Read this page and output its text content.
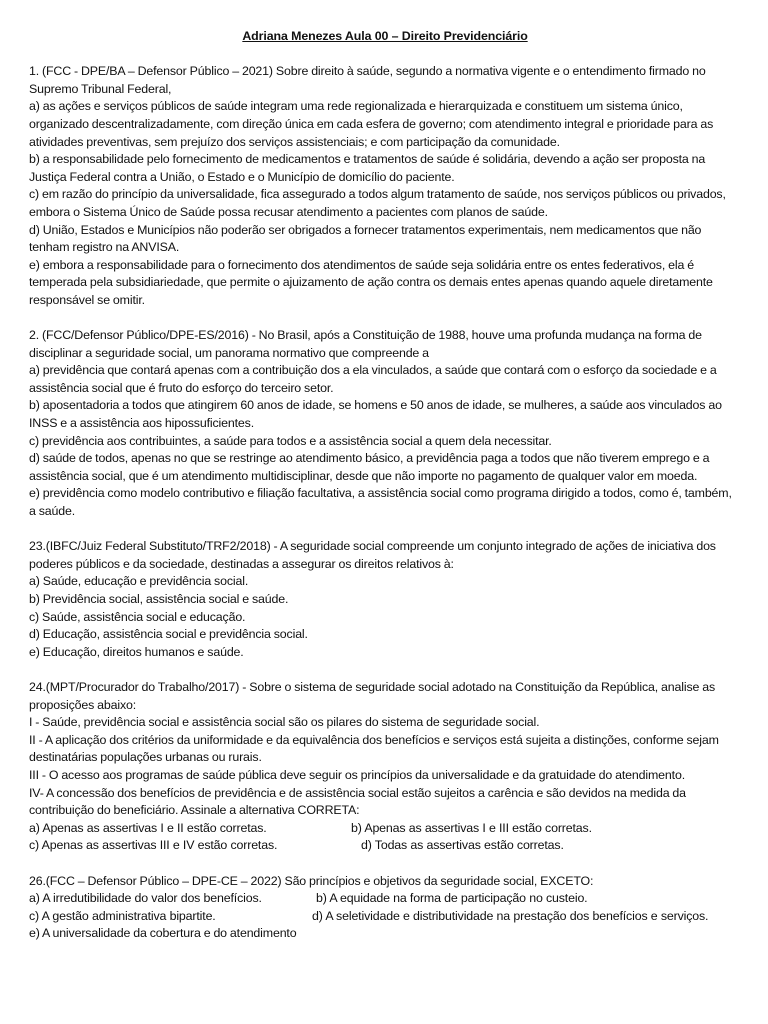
Adriana Menezes Aula 00 – Direito Previdenciário
1. (FCC - DPE/BA – Defensor Público – 2021) Sobre direito à saúde, segundo a normativa vigente e o entendimento firmado no Supremo Tribunal Federal,
a) as ações e serviços públicos de saúde integram uma rede regionalizada e hierarquizada e constituem um sistema único, organizado descentralizadamente, com direção única em cada esfera de governo; com atendimento integral e prioridade para as atividades preventivas, sem prejuízo dos serviços assistenciais; e com participação da comunidade.
b) a responsabilidade pelo fornecimento de medicamentos e tratamentos de saúde é solidária, devendo a ação ser proposta na Justiça Federal contra a União, o Estado e o Município de domicílio do paciente.
c) em razão do princípio da universalidade, fica assegurado a todos algum tratamento de saúde, nos serviços públicos ou privados, embora o Sistema Único de Saúde possa recusar atendimento a pacientes com planos de saúde.
d) União, Estados e Municípios não poderão ser obrigados a fornecer tratamentos experimentais, nem medicamentos que não tenham registro na ANVISA.
e) embora a responsabilidade para o fornecimento dos atendimentos de saúde seja solidária entre os entes federativos, ela é temperada pela subsidiariedade, que permite o ajuizamento de ação contra os demais entes apenas quando aquele diretamente responsável se omitir.
2. (FCC/Defensor Público/DPE-ES/2016) - No Brasil, após a Constituição de 1988, houve uma profunda mudança na forma de disciplinar a seguridade social, um panorama normativo que compreende a
a) previdência que contará apenas com a contribuição dos a ela vinculados, a saúde que contará com o esforço da sociedade e a assistência social que é fruto do esforço do terceiro setor.
b) aposentadoria a todos que atingirem 60 anos de idade, se homens e 50 anos de idade, se mulheres, a saúde aos vinculados ao INSS e a assistência aos hipossuficientes.
c) previdência aos contribuintes, a saúde para todos e a assistência social a quem dela necessitar.
d) saúde de todos, apenas no que se restringe ao atendimento básico, a previdência paga a todos que não tiverem emprego e a assistência social, que é um atendimento multidisciplinar, desde que não importe no pagamento de qualquer valor em moeda.
e) previdência como modelo contributivo e filiação facultativa, a assistência social como programa dirigido a todos, como é, também, a saúde.
23.(IBFC/Juiz Federal Substituto/TRF2/2018) - A seguridade social compreende um conjunto integrado de ações de iniciativa dos poderes públicos e da sociedade, destinadas a assegurar os direitos relativos à:
a) Saúde, educação e previdência social.
b) Previdência social, assistência social e saúde.
c) Saúde, assistência social e educação.
d) Educação, assistência social e previdência social.
e) Educação, direitos humanos e saúde.
24.(MPT/Procurador do Trabalho/2017) - Sobre o sistema de seguridade social adotado na Constituição da República, analise as proposições abaixo:
I - Saúde, previdência social e assistência social são os pilares do sistema de seguridade social.
II - A aplicação dos critérios da uniformidade e da equivalência dos benefícios e serviços está sujeita a distinções, conforme sejam destinatárias populações urbanas ou rurais.
III - O acesso aos programas de saúde pública deve seguir os princípios da universalidade e da gratuidade do atendimento.
IV- A concessão dos benefícios de previdência e de assistência social estão sujeitos a carência e são devidos na medida da contribuição do beneficiário. Assinale a alternativa CORRETA:
a) Apenas as assertivas I e II estão corretas.	b) Apenas as assertivas I e III estão corretas.
c) Apenas as assertivas III e IV estão corretas.	d) Todas as assertivas estão corretas.
26.(FCC – Defensor Público – DPE-CE – 2022) São princípios e objetivos da seguridade social, EXCETO:
a) A irredutibilidade do valor dos benefícios.	b) A equidade na forma de participação no custeio.
c) A gestão administrativa bipartite.	d) A seletividade e distributividade na prestação dos benefícios e serviços.
e) A universalidade da cobertura e do atendimento
